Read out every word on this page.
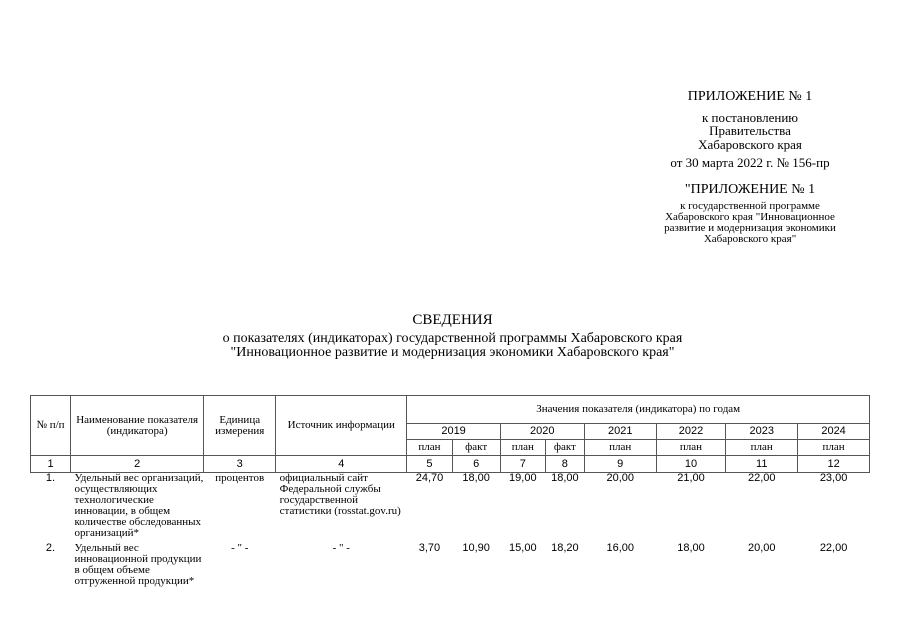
ПРИЛОЖЕНИЕ № 1
к постановлению
Правительства
Хабаровского края
от 30 марта 2022 г. № 156-пр
"ПРИЛОЖЕНИЕ № 1
к государственной программе
Хабаровского края "Инновационное
развитие и модернизация экономики
Хабаровского края"
СВЕДЕНИЯ
о показателях (индикаторах) государственной программы Хабаровского края
"Инновационное развитие и модернизация экономики Хабаровского края"
№ п/п	Наименование показателя (индикатора)	Единица измерения	Источник информации	Значения показателя (индикатора) по годам							
				2019		2020		2021	2022	2023	2024
				план	факт	план	факт	план	план	план	план
1	2	3	4	5	6	7	8	9	10	11	12
1.	Удельный вес организаций, осуществляющих технологические инновации, в общем количестве обследованных организаций*	процентов	официальный сайт Федеральной службы государственной статистики (rosstat.gov.ru)	24,70	18,00	19,00	18,00	20,00	21,00	22,00	23,00
2.	Удельный вес инновационной продукции в общем объеме отгруженной продукции*	- " -	- " -	3,70	10,90	15,00	18,20	16,00	18,00	20,00	22,00
